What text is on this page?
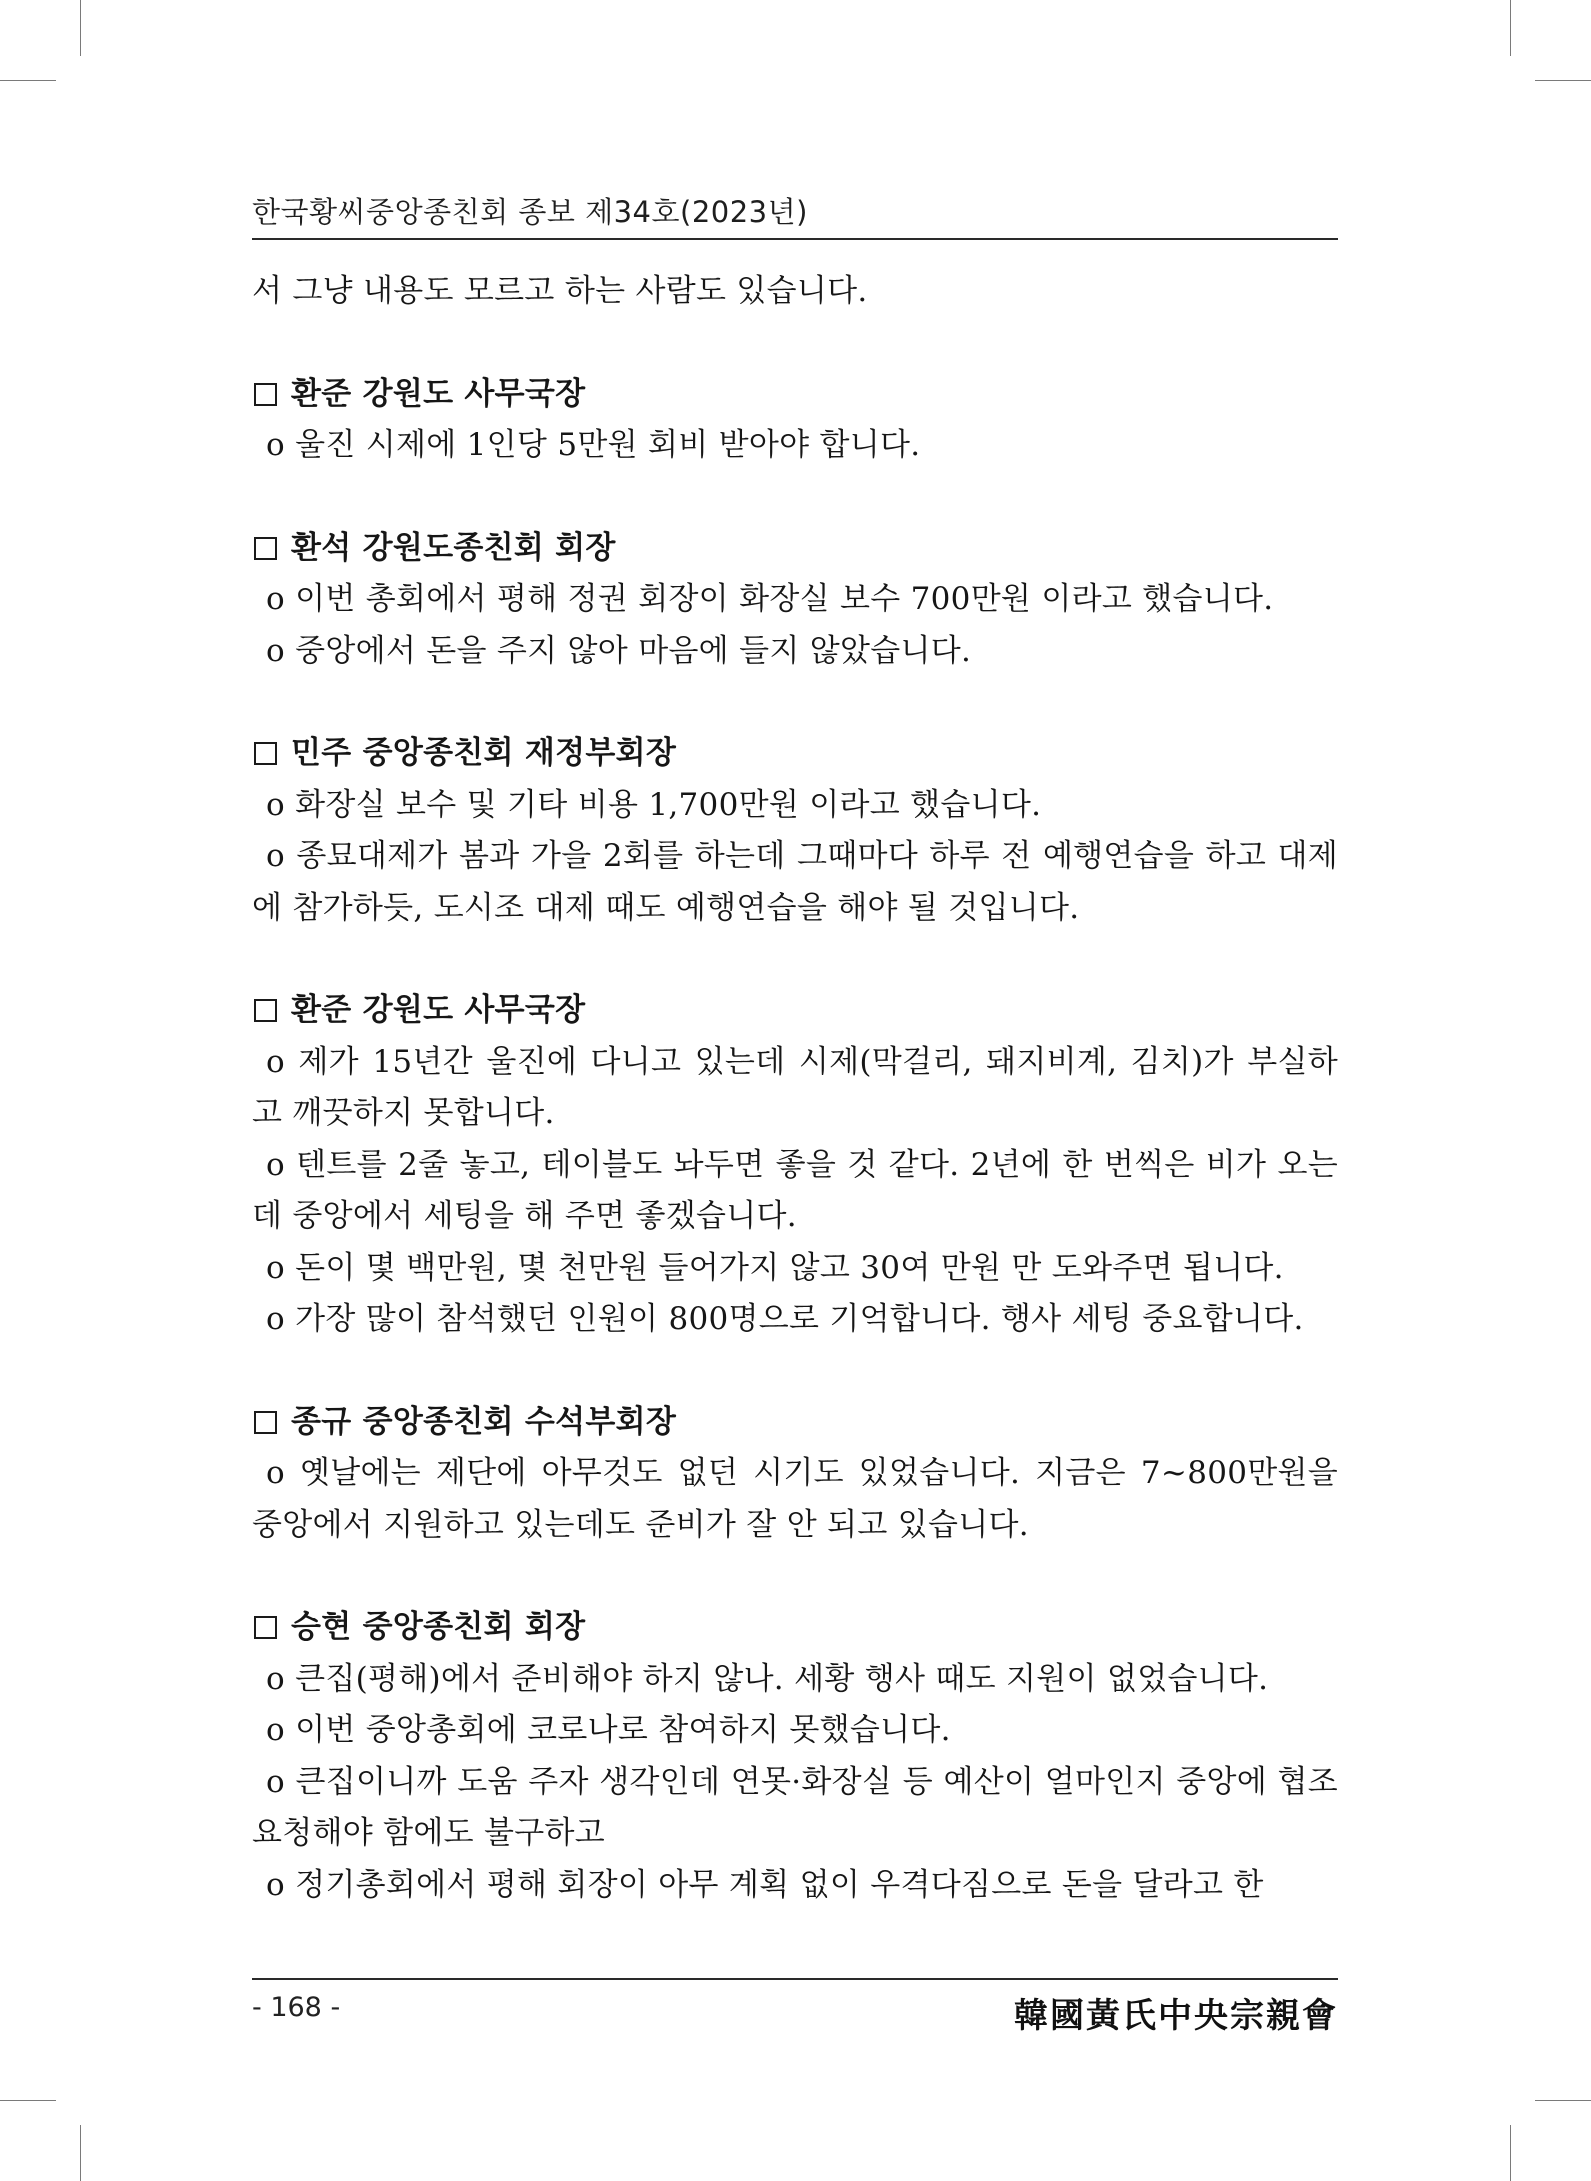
한국황씨중앙종친회 종보 제34호(2023년)

서 그냥 내용도 모르고 하는 사람도 있습니다.

환준 강원도 사무국장

o 울진 시제에 1인당 5만원 회비 받아야 합니다.

환석 강원도종친회 회장

o 이번 총회에서 평해 정권 회장이 화장실 보수 700만원 이라고 했습니다.

o 중앙에서 돈을 주지 않아 마음에 들지 않았습니다.

민주 중앙종친회 재정부회장

o 화장실 보수 및 기타 비용 1,700만원 이라고 했습니다.

o 종묘대제가 봄과 가을 2회를 하는데 그때마다 하루 전 예행연습을 하고 대제에 참가하듯, 도시조 대제 때도 예행연습을 해야 될 것입니다.

환준 강원도 사무국장

o 제가 15년간 울진에 다니고 있는데 시제(막걸리, 돼지비계, 김치)가 부실하고 깨끗하지 못합니다.

o 텐트를 2줄 놓고, 테이블도 놔두면 좋을 것 같다. 2년에 한 번씩은 비가 오는데 중앙에서 세팅을 해 주면 좋겠습니다.

o 돈이 몇 백만원, 몇 천만원 들어가지 않고 30여 만원 만 도와주면 됩니다.

o 가장 많이 참석했던 인원이 800명으로 기억합니다. 행사 세팅 중요합니다.

종규 중앙종친회 수석부회장

o 옛날에는 제단에 아무것도 없던 시기도 있었습니다. 지금은 7~800만원을 중앙에서 지원하고 있는데도 준비가 잘 안 되고 있습니다.

승현 중앙종친회 회장

o 큰집(평해)에서 준비해야 하지 않나. 세황 행사 때도 지원이 없었습니다.

o 이번 중앙총회에 코로나로 참여하지 못했습니다.

o 큰집이니까 도움 주자 생각인데 연못·화장실 등 예산이 얼마인지 중앙에 협조 요청해야 함에도 불구하고

o 정기총회에서 평해 회장이 아무 계획 없이 우격다짐으로 돈을 달라고 한

- 168 -	韓國黃氏中央宗親會
